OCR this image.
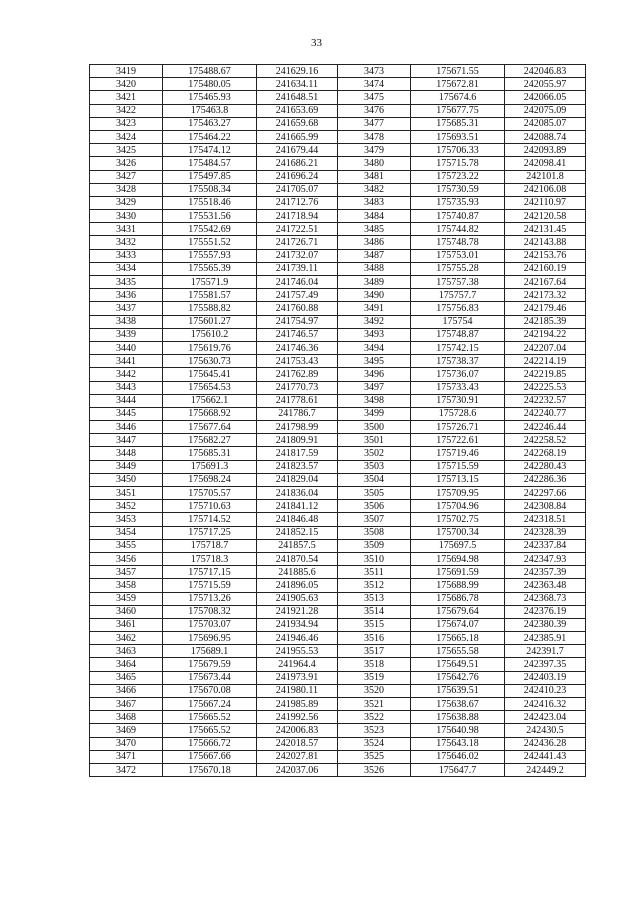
33
3419	175488.67	241629.16	3473	175671.55	242046.83
3420	175480.05	241634.11	3474	175672.81	242055.97
3421	175465.93	241648.51	3475	175674.6	242066.05
3422	175463.8	241653.69	3476	175677.75	242075.09
3423	175463.27	241659.68	3477	175685.31	242085.07
3424	175464.22	241665.99	3478	175693.51	242088.74
3425	175474.12	241679.44	3479	175706.33	242093.89
3426	175484.57	241686.21	3480	175715.78	242098.41
3427	175497.85	241696.24	3481	175723.22	242101.8
3428	175508.34	241705.07	3482	175730.59	242106.08
3429	175518.46	241712.76	3483	175735.93	242110.97
3430	175531.56	241718.94	3484	175740.87	242120.58
3431	175542.69	241722.51	3485	175744.82	242131.45
3432	175551.52	241726.71	3486	175748.78	242143.88
3433	175557.93	241732.07	3487	175753.01	242153.76
3434	175565.39	241739.11	3488	175755.28	242160.19
3435	175571.9	241746.04	3489	175757.38	242167.64
3436	175581.57	241757.49	3490	175757.7	242173.32
3437	175588.82	241760.88	3491	175756.83	242179.46
3438	175601.27	241754.97	3492	175754	242185.39
3439	175610.2	241746.57	3493	175748.87	242194.22
3440	175619.76	241746.36	3494	175742.15	242207.04
3441	175630.73	241753.43	3495	175738.37	242214.19
3442	175645.41	241762.89	3496	175736.07	242219.85
3443	175654.53	241770.73	3497	175733.43	242225.53
3444	175662.1	241778.61	3498	175730.91	242232.57
3445	175668.92	241786.7	3499	175728.6	242240.77
3446	175677.64	241798.99	3500	175726.71	242246.44
3447	175682.27	241809.91	3501	175722.61	242258.52
3448	175685.31	241817.59	3502	175719.46	242268.19
3449	175691.3	241823.57	3503	175715.59	242280.43
3450	175698.24	241829.04	3504	175713.15	242286.36
3451	175705.57	241836.04	3505	175709.95	242297.66
3452	175710.63	241841.12	3506	175704.96	242308.84
3453	175714.52	241846.48	3507	175702.75	242318.51
3454	175717.25	241852.15	3508	175700.34	242328.39
3455	175718.7	241857.5	3509	175697.5	242337.84
3456	175718.3	241870.54	3510	175694.98	242347.93
3457	175717.15	241885.6	3511	175691.59	242357.39
3458	175715.59	241896.05	3512	175688.99	242363.48
3459	175713.26	241905.63	3513	175686.78	242368.73
3460	175708.32	241921.28	3514	175679.64	242376.19
3461	175703.07	241934.94	3515	175674.07	242380.39
3462	175696.95	241946.46	3516	175665.18	242385.91
3463	175689.1	241955.53	3517	175655.58	242391.7
3464	175679.59	241964.4	3518	175649.51	242397.35
3465	175673.44	241973.91	3519	175642.76	242403.19
3466	175670.08	241980.11	3520	175639.51	242410.23
3467	175667.24	241985.89	3521	175638.67	242416.32
3468	175665.52	241992.56	3522	175638.88	242423.04
3469	175665.52	242006.83	3523	175640.98	242430.5
3470	175666.72	242018.57	3524	175643.18	242436.28
3471	175667.66	242027.81	3525	175646.02	242441.43
3472	175670.18	242037.06	3526	175647.7	242449.2
